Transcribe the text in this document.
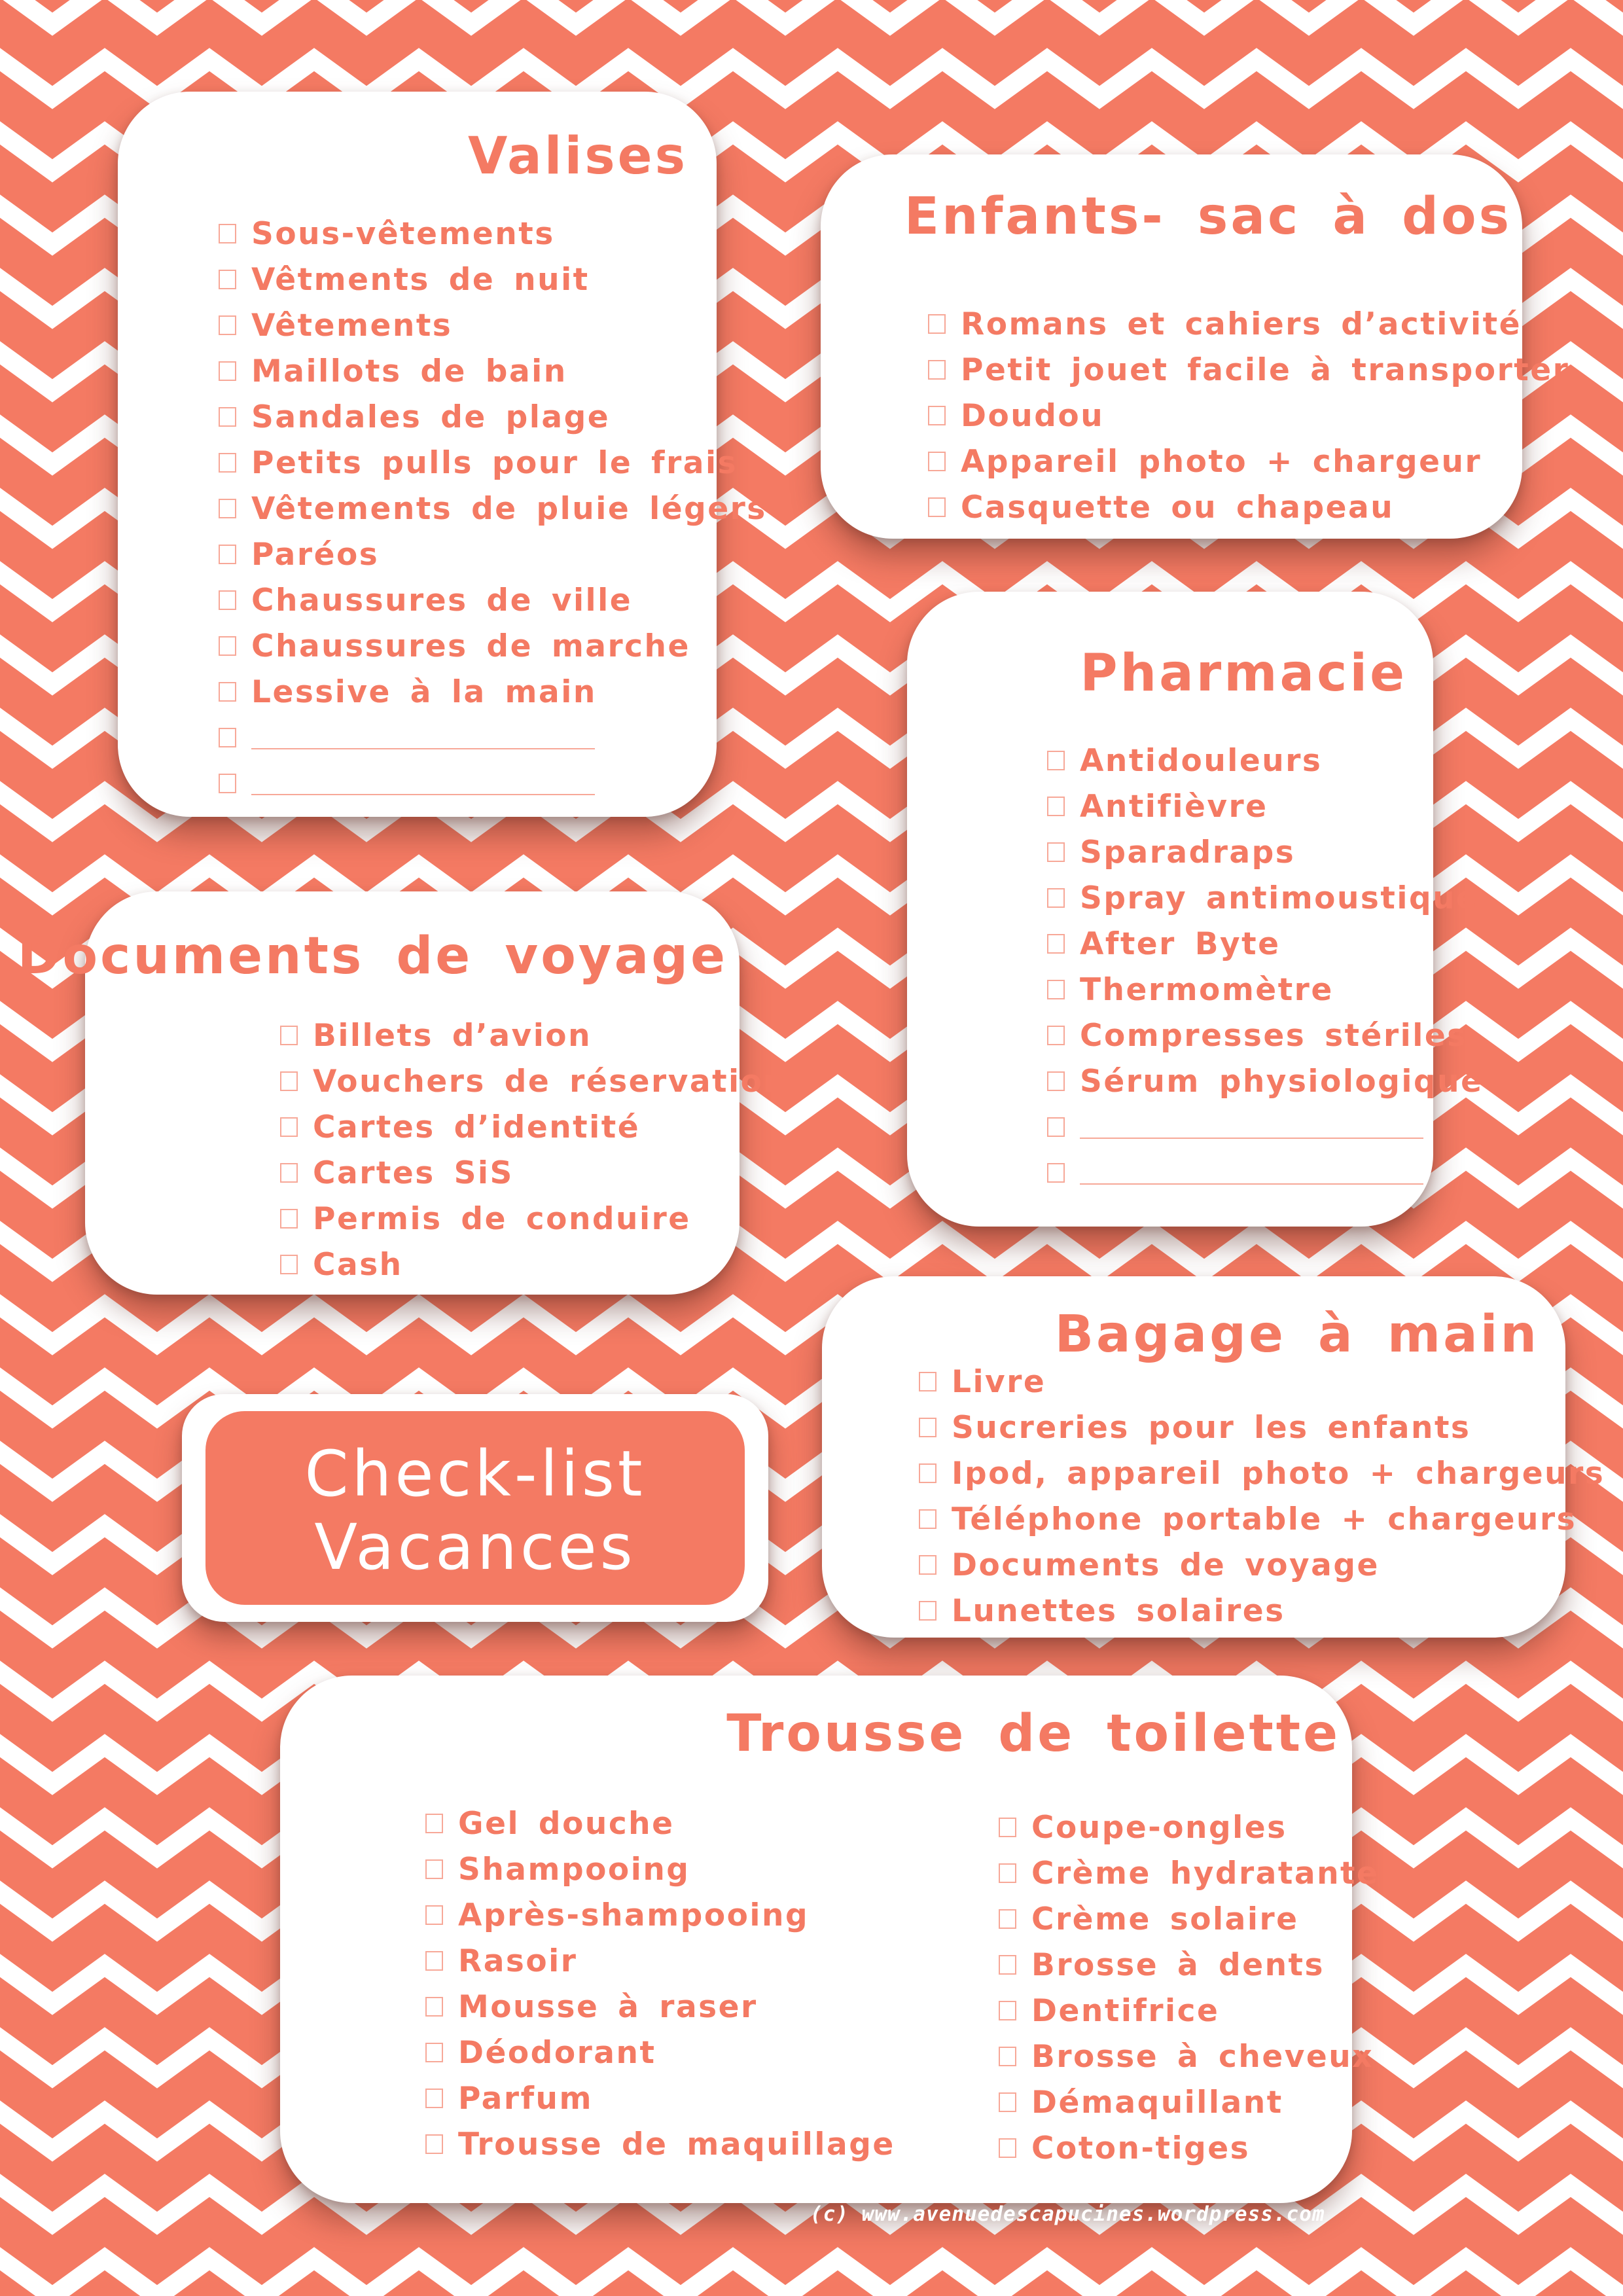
Valises
Sous-vêtements
Vêtments de nuit
Vêtements
Maillots de bain
Sandales de plage
Petits pulls pour le frais
Vêtements de pluie légers
Paréos
Chaussures de ville
Chaussures de marche
Lessive à la main
Enfants- sac à dos
Romans et cahiers d’activité
Petit jouet facile à transporter
Doudou
Appareil photo + chargeur
Casquette ou chapeau
Pharmacie
Antidouleurs
Antifièvre
Sparadraps
Spray antimoustique
After Byte
Thermomètre
Compresses stériles
Sérum physiologique
Documents de voyage
Billets d’avion
Vouchers de réservation
Cartes d’identité
Cartes SiS
Permis de conduire
Cash
Bagage à main
Livre
Sucreries pour les enfants
Ipod, appareil photo + chargeurs
Téléphone portable + chargeurs
Documents de voyage
Lunettes solaires
Check-list
Vacances
Trousse de toilette
Gel douche
Shampooing
Après-shampooing
Rasoir
Mousse à raser
Déodorant
Parfum
Trousse de maquillage
Coupe-ongles
Crème hydratante
Crème solaire
Brosse à dents
Dentifrice
Brosse à cheveux
Démaquillant
Coton-tiges
(c) www.avenuedescapucines.wordpress.com
